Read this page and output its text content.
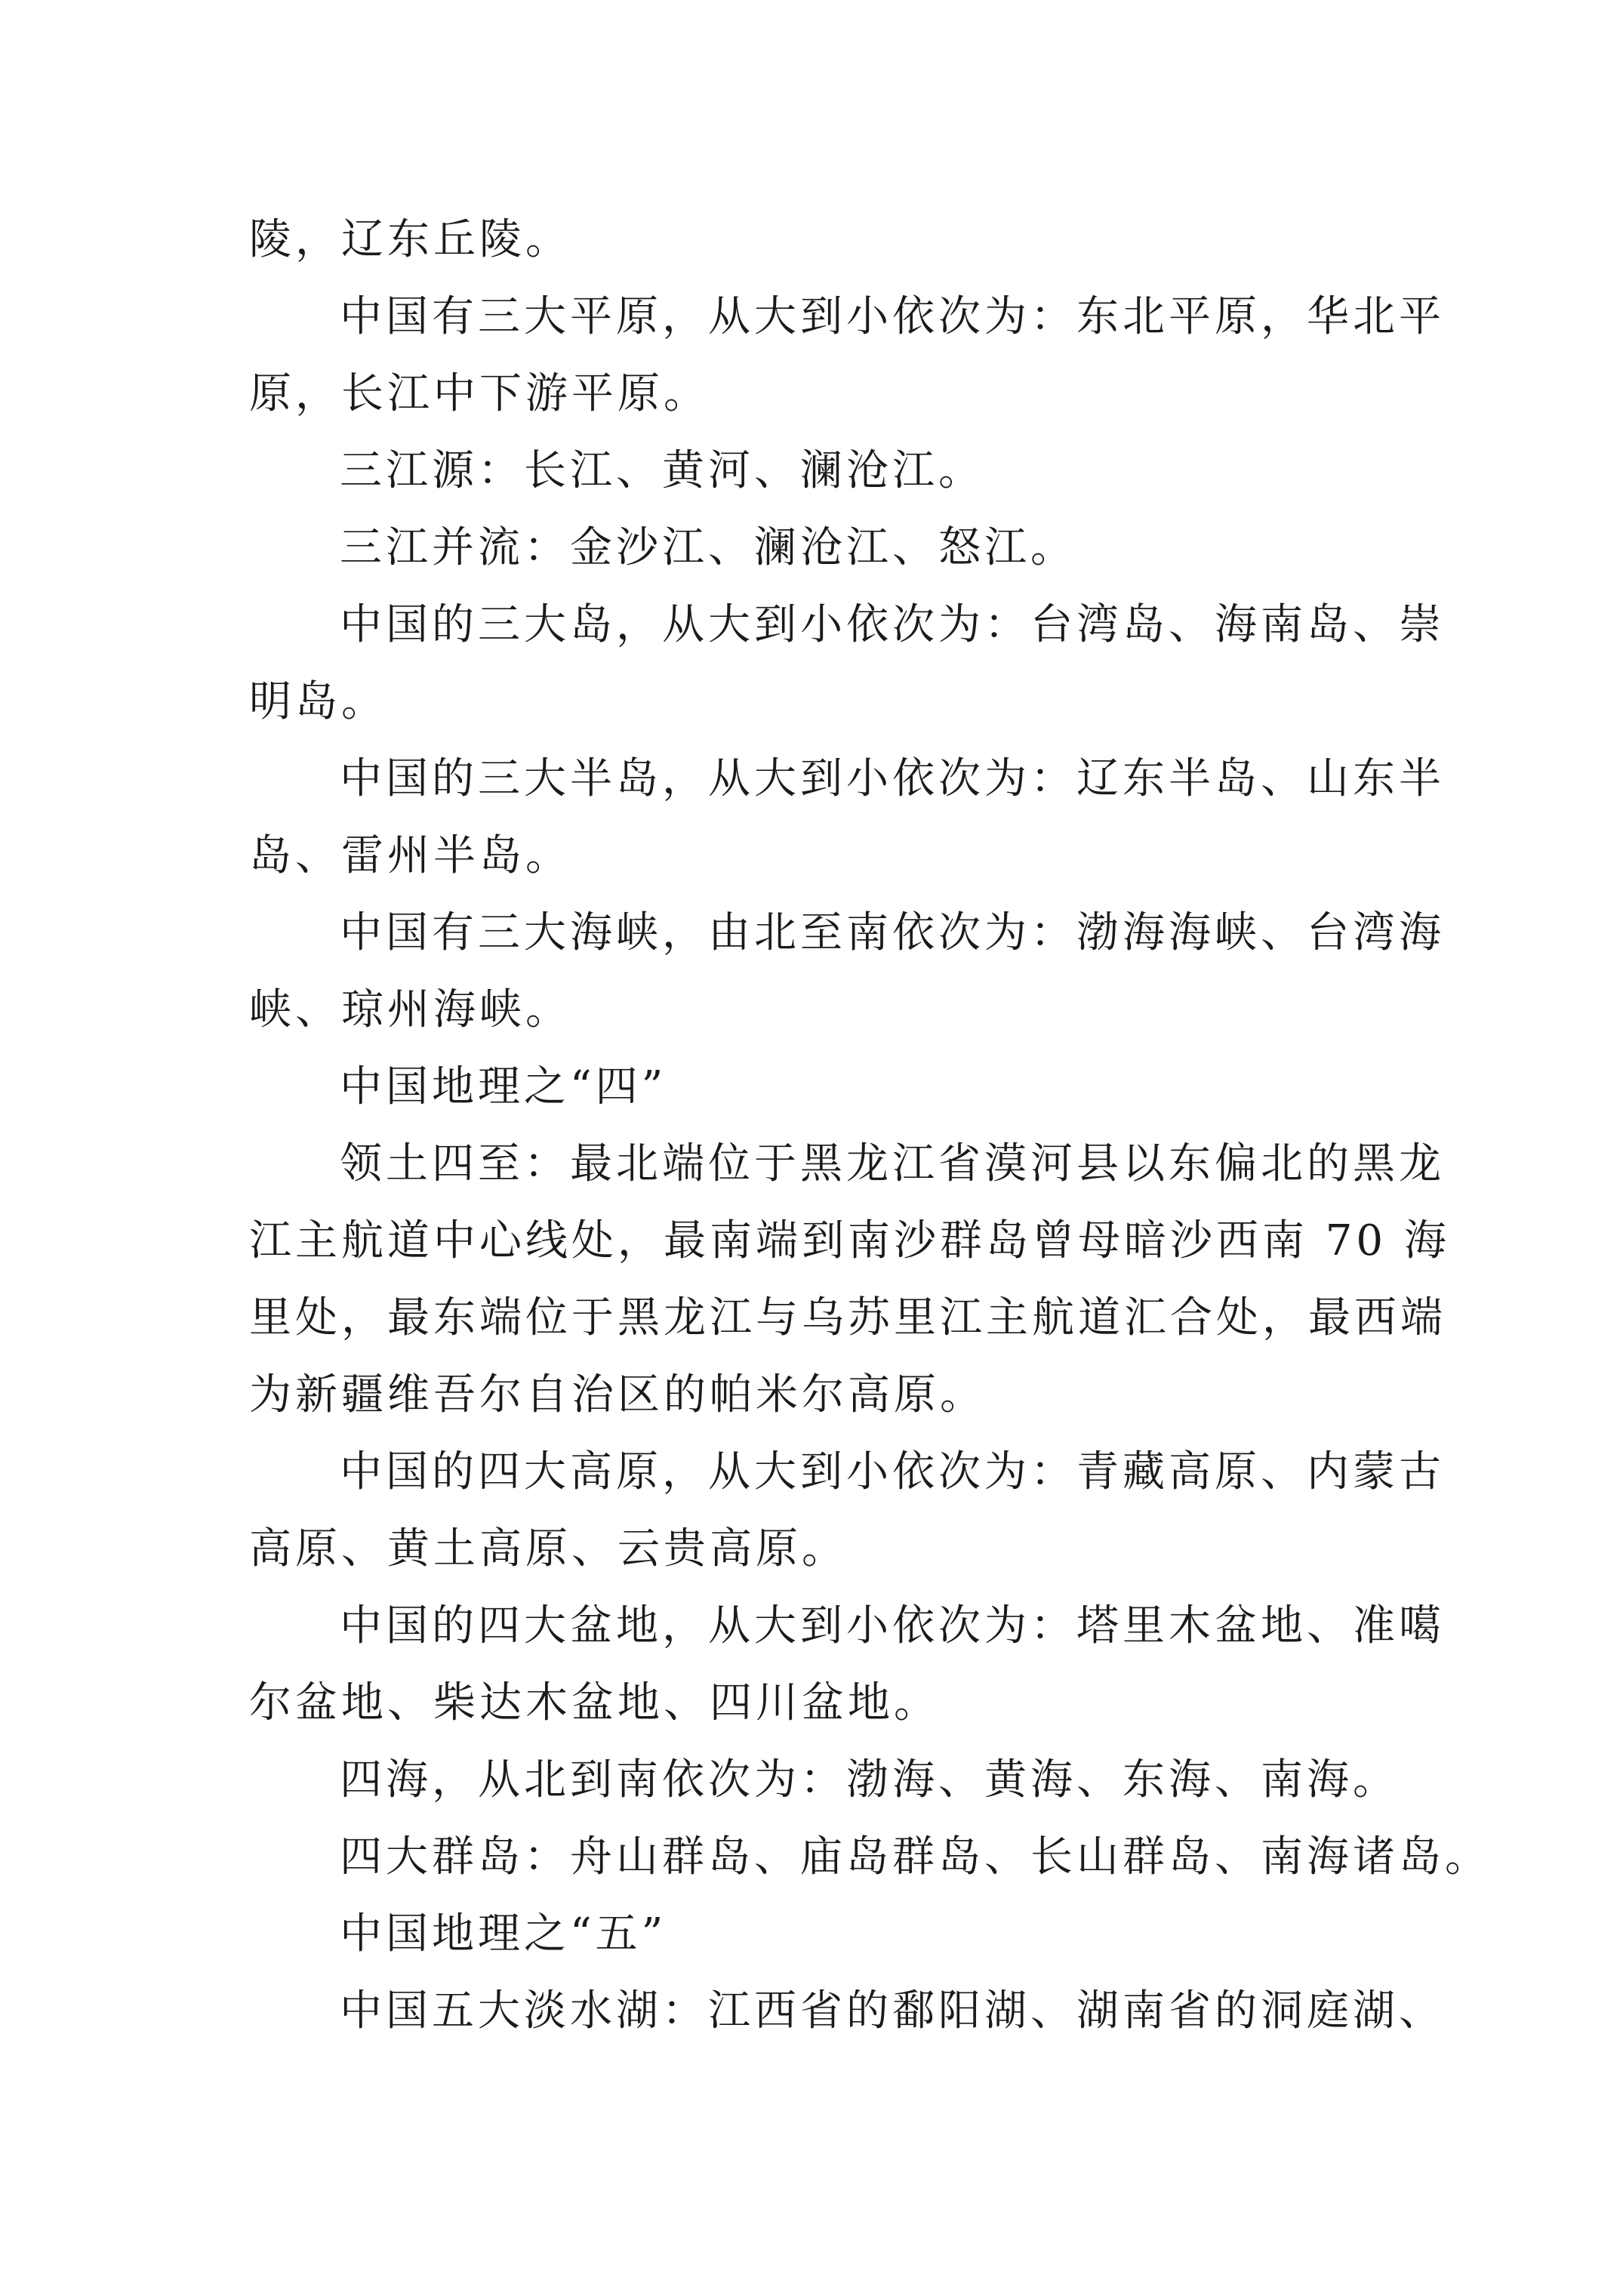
陵，辽东丘陵。
中国有三大平原，从大到小依次为：东北平原，华北平
原，长江中下游平原。
三江源：长江、黄河、澜沧江。
三江并流：金沙江、澜沧江、怒江。
中国的三大岛，从大到小依次为：台湾岛、海南岛、崇
明岛。
中国的三大半岛，从大到小依次为：辽东半岛、山东半
岛、雷州半岛。
中国有三大海峡，由北至南依次为：渤海海峡、台湾海
峡、琼州海峡。
中国地理之“四”
领土四至：最北端位于黑龙江省漠河县以东偏北的黑龙
江主航道中心线处，最南端到南沙群岛曾母暗沙西南 70 海
里处，最东端位于黑龙江与乌苏里江主航道汇合处，最西端
为新疆维吾尔自治区的帕米尔高原。
中国的四大高原，从大到小依次为：青藏高原、内蒙古
高原、黄土高原、云贵高原。
中国的四大盆地，从大到小依次为：塔里木盆地、准噶
尔盆地、柴达木盆地、四川盆地。
四海，从北到南依次为：渤海、黄海、东海、南海。
四大群岛：舟山群岛、庙岛群岛、长山群岛、南海诸岛。
中国地理之“五”
中国五大淡水湖：江西省的鄱阳湖、湖南省的洞庭湖、
